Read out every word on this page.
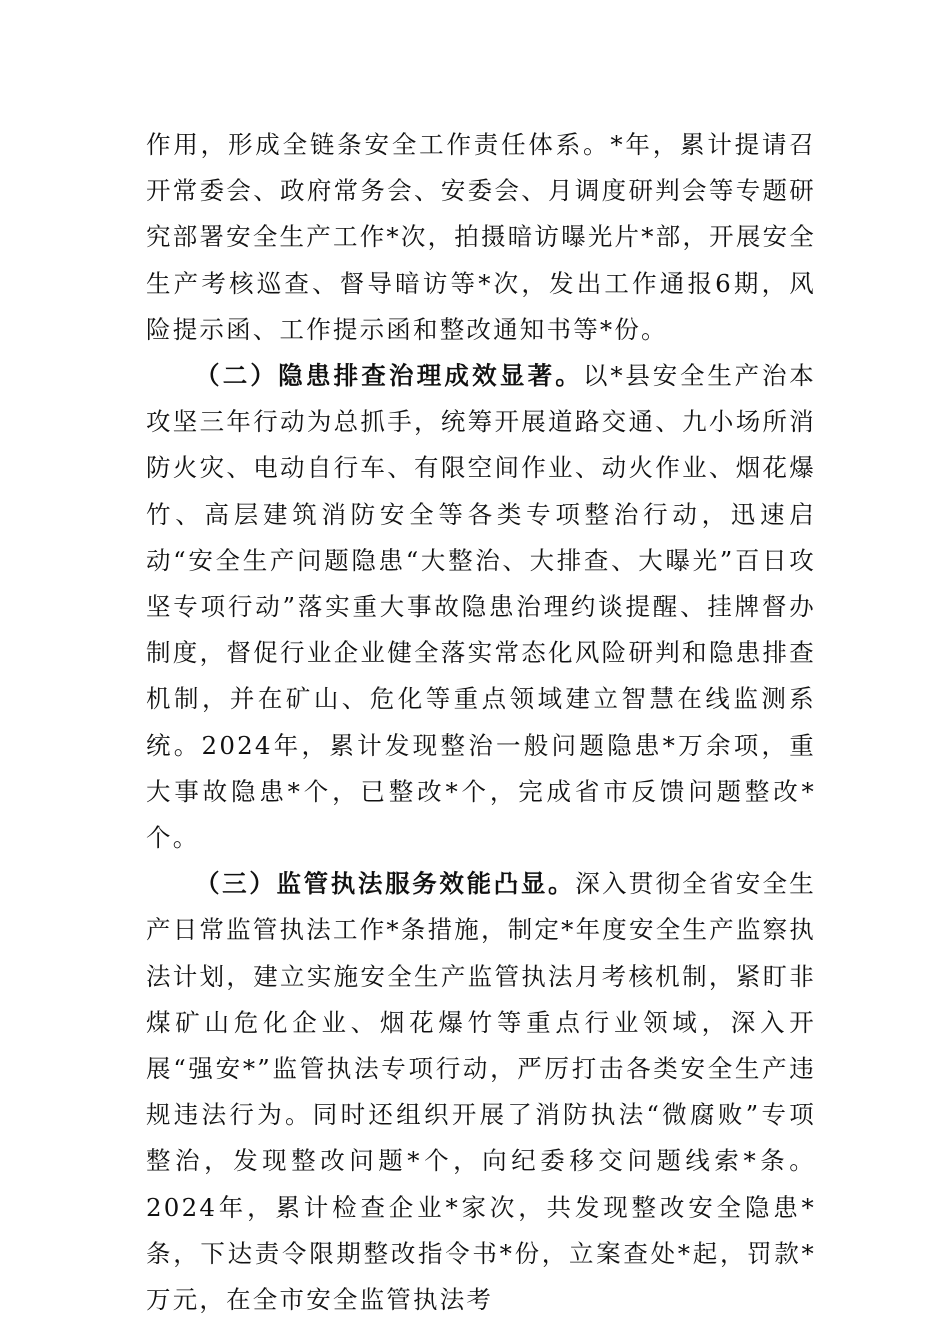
作用，形成全链条安全工作责任体系。*年，累计提请召开常委会、政府常务会、安委会、月调度研判会等专题研究部署安全生产工作*次，拍摄暗访曝光片*部，开展安全生产考核巡查、督导暗访等*次，发出工作通报6期，风险提示函、工作提示函和整改通知书等*份。

（二）隐患排查治理成效显著。以*县安全生产治本攻坚三年行动为总抓手，统筹开展道路交通、九小场所消防火灾、电动自行车、有限空间作业、动火作业、烟花爆竹、高层建筑消防安全等各类专项整治行动，迅速启动“安全生产问题隐患“大整治、大排查、大曝光”百日攻坚专项行动”落实重大事故隐患治理约谈提醒、挂牌督办制度，督促行业企业健全落实常态化风险研判和隐患排查机制，并在矿山、危化等重点领域建立智慧在线监测系统。2024年，累计发现整治一般问题隐患*万余项，重大事故隐患*个，已整改*个，完成省市反馈问题整改*个。

（三）监管执法服务效能凸显。深入贯彻全省安全生产日常监管执法工作*条措施，制定*年度安全生产监察执法计划，建立实施安全生产监管执法月考核机制，紧盯非煤矿山危化企业、烟花爆竹等重点行业领域，深入开展“强安*”监管执法专项行动，严厉打击各类安全生产违规违法行为。同时还组织开展了消防执法“微腐败”专项整治，发现整改问题*个，向纪委移交问题线索*条。2024年，累计检查企业*家次，共发现整改安全隐患*条，下达责令限期整改指令书*份，立案查处*起，罚款*万元，在全市安全监管执法考
